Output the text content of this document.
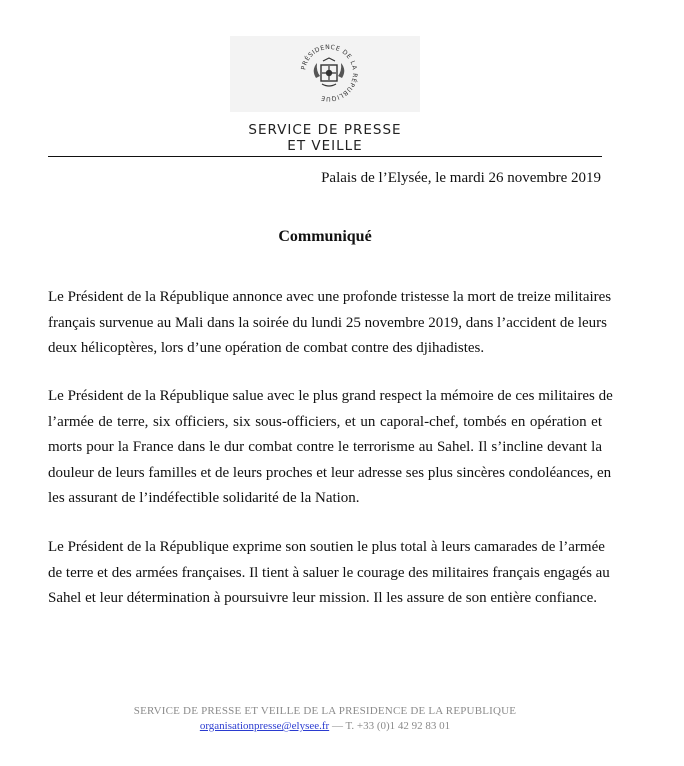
PRÉSIDENCE DE LA RÉPUBLIQUE
SERVICE DE PRESSE
ET VEILLE
Palais de l’Elysée, le mardi 26 novembre 2019
Communiqué

Le Président de la République annonce avec une profonde tristesse la mort de treize militaires
français survenue au Mali dans la soirée du lundi 25 novembre 2019, dans l’accident de leurs
deux hélicoptères, lors d’une opération de combat contre des djihadistes.

Le Président de la République salue avec le plus grand respect la mémoire de ces militaires de
l’armée de terre, six officiers, six sous-officiers, et un caporal-chef, tombés en opération et
morts pour la France dans le dur combat contre le terrorisme au Sahel. Il s’incline devant la
douleur de leurs familles et de leurs proches et leur adresse ses plus sincères condoléances, en
les assurant de l’indéfectible solidarité de la Nation.

Le Président de la République exprime son soutien le plus total à leurs camarades de l’armée
de terre et des armées françaises. Il tient à saluer le courage des militaires français engagés au
Sahel et leur détermination à poursuivre leur mission. Il les assure de son entière confiance.

SERVICE DE PRESSE ET VEILLE DE LA PRESIDENCE DE LA REPUBLIQUE
organisationpresse@elysee.fr — T. +33 (0)1 42 92 83 01
